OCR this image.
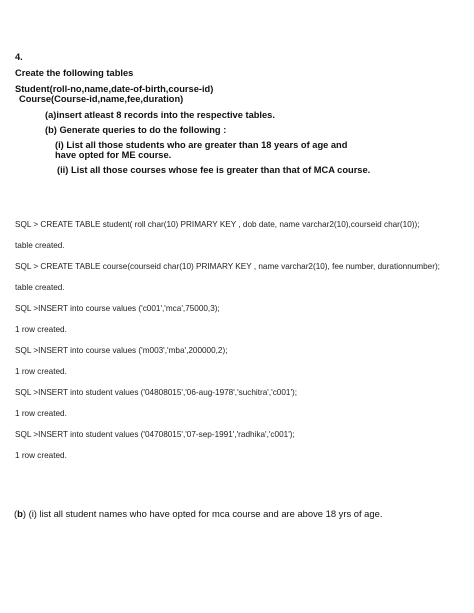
4.
Create the following tables
Student(roll-no,name,date-of-birth,course-id)
Course(Course-id,name,fee,duration)
(a)insert atleast 8 records into the respective tables.
(b) Generate queries to do the following :
(i) List all those students who are greater than 18 years of age and
have opted for ME course.
(ii) List all those courses whose fee is greater than that of MCA course.
SQL > CREATE TABLE student( roll char(10) PRIMARY KEY , dob date, name varchar2(10),courseid char(10));
table created.
SQL > CREATE TABLE course(courseid char(10) PRIMARY KEY , name varchar2(10), fee number, durationnumber);
table created.
SQL >INSERT into course values ('c001','mca',75000,3);
1 row created.
SQL >INSERT into course values ('m003','mba',200000,2);
1 row created.
SQL >INSERT into student values ('04808015','06-aug-1978','suchitra','c001');
1 row created.
SQL >INSERT into student values ('04708015','07-sep-1991','radhika','c001');
1 row created.
(b) (i) list all student names who have opted for mca course and are above 18 yrs of age.
